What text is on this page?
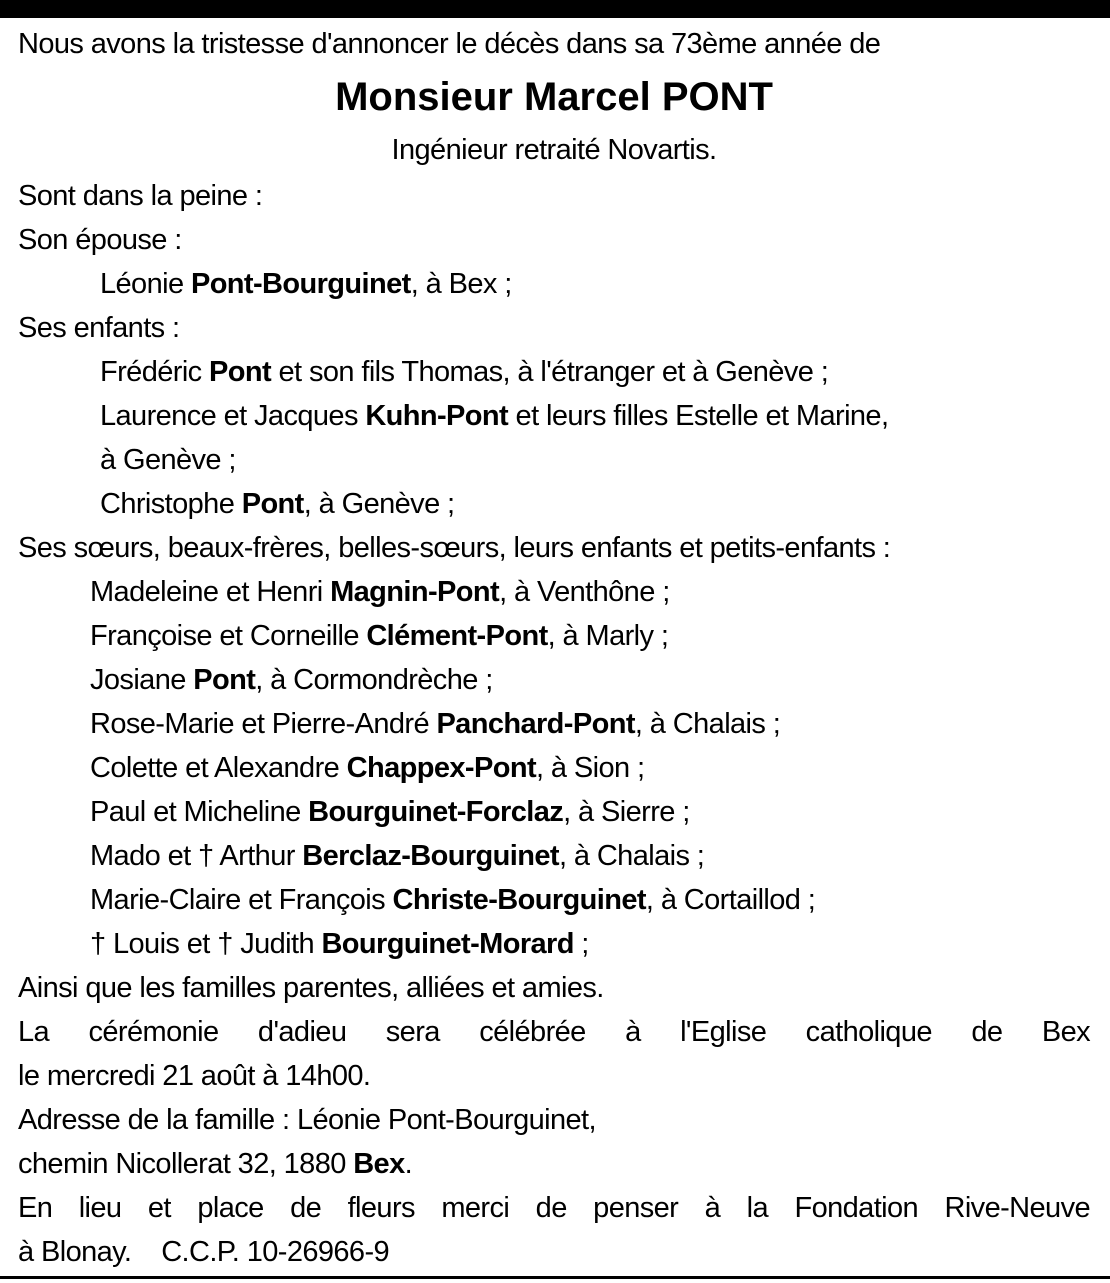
Nous avons la tristesse d'annoncer le décès dans sa 73ème année de
Monsieur Marcel PONT
Ingénieur retraité Novartis.
Sont dans la peine :
Son épouse :
Léonie Pont-Bourguinet, à Bex ;
Ses enfants :
Frédéric Pont et son fils Thomas, à l'étranger et à Genève ;
Laurence et Jacques Kuhn-Pont et leurs filles Estelle et Marine,
à Genève ;
Christophe Pont, à Genève ;
Ses sœurs, beaux-frères, belles-sœurs, leurs enfants et petits-enfants :
Madeleine et Henri Magnin-Pont, à Venthône ;
Françoise et Corneille Clément-Pont, à Marly ;
Josiane Pont, à Cormondrèche ;
Rose-Marie et Pierre-André Panchard-Pont, à Chalais ;
Colette et Alexandre Chappex-Pont, à Sion ;
Paul et Micheline Bourguinet-Forclaz, à Sierre ;
Mado et † Arthur Berclaz-Bourguinet, à Chalais ;
Marie-Claire et François Christe-Bourguinet, à Cortaillod ;
† Louis et † Judith Bourguinet-Morard ;
Ainsi que les familles parentes, alliées et amies.
La cérémonie d'adieu sera célébrée à l'Eglise catholique de Bex
le mercredi 21 août à 14h00.
Adresse de la famille : Léonie Pont-Bourguinet,
chemin Nicollerat 32, 1880 Bex.
En lieu et place de fleurs merci de penser à la Fondation Rive-Neuve
à Blonay.    C.C.P. 10-26966-9
